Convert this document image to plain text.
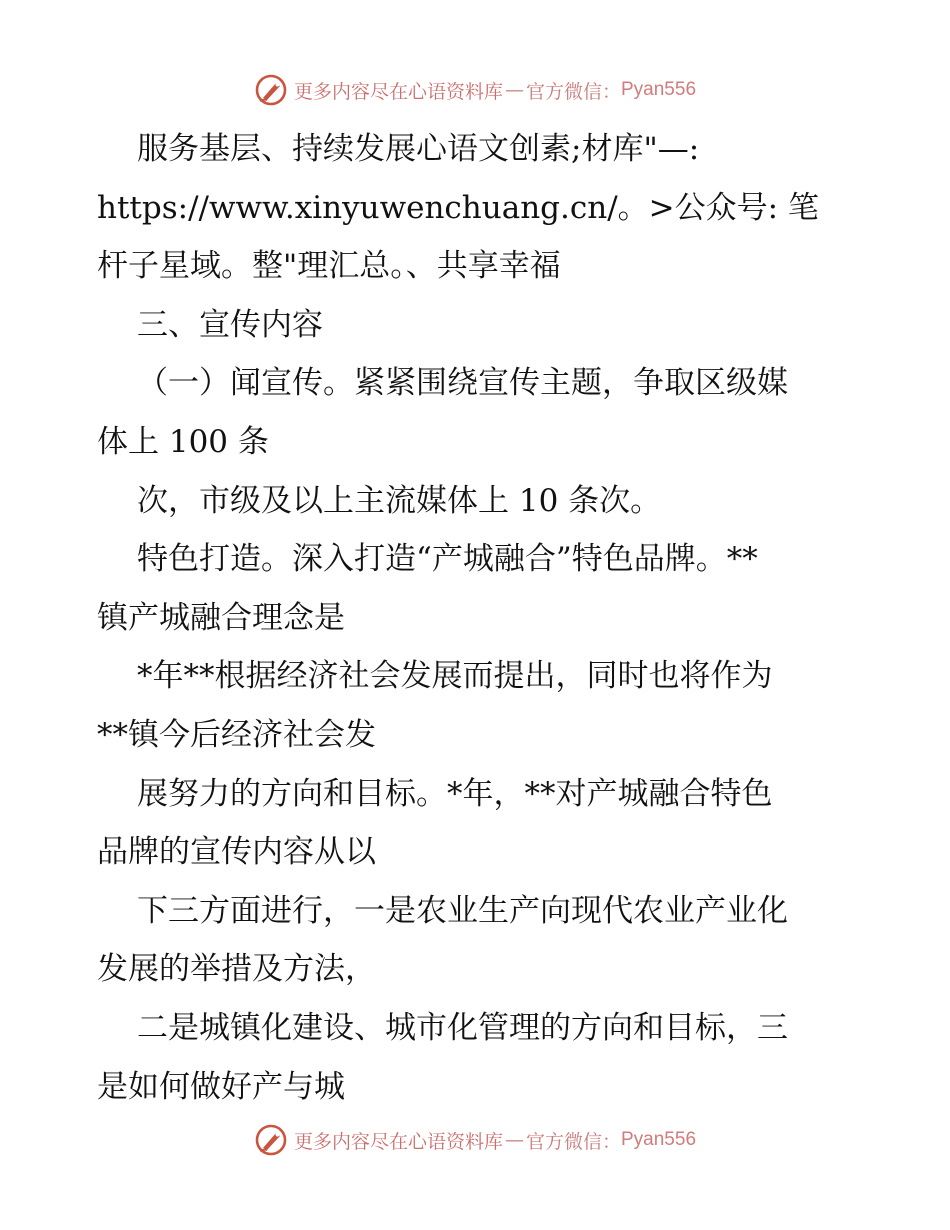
更多内容尽在心语资料库 — 官方微信： Pyan556
服务基层、持续发展心语文创素;材库"—:
https://www.xinyuwenchuang.cn/。>公众号: 笔
杆子星域。整"理汇总。、共享幸福
三、宣传内容
（一）闻宣传。紧紧围绕宣传主题，争取区级媒
体上 100 条
次，市级及以上主流媒体上 10 条次。
特色打造。深入打造“产城融合”特色品牌。**
镇产城融合理念是
*年**根据经济社会发展而提出，同时也将作为
**镇今后经济社会发
展努力的方向和目标。*年，**对产城融合特色
品牌的宣传内容从以
下三方面进行，一是农业生产向现代农业产业化
发展的举措及方法，
二是城镇化建设、城市化管理的方向和目标，三
是如何做好产与城
更多内容尽在心语资料库 — 官方微信： Pyan556
